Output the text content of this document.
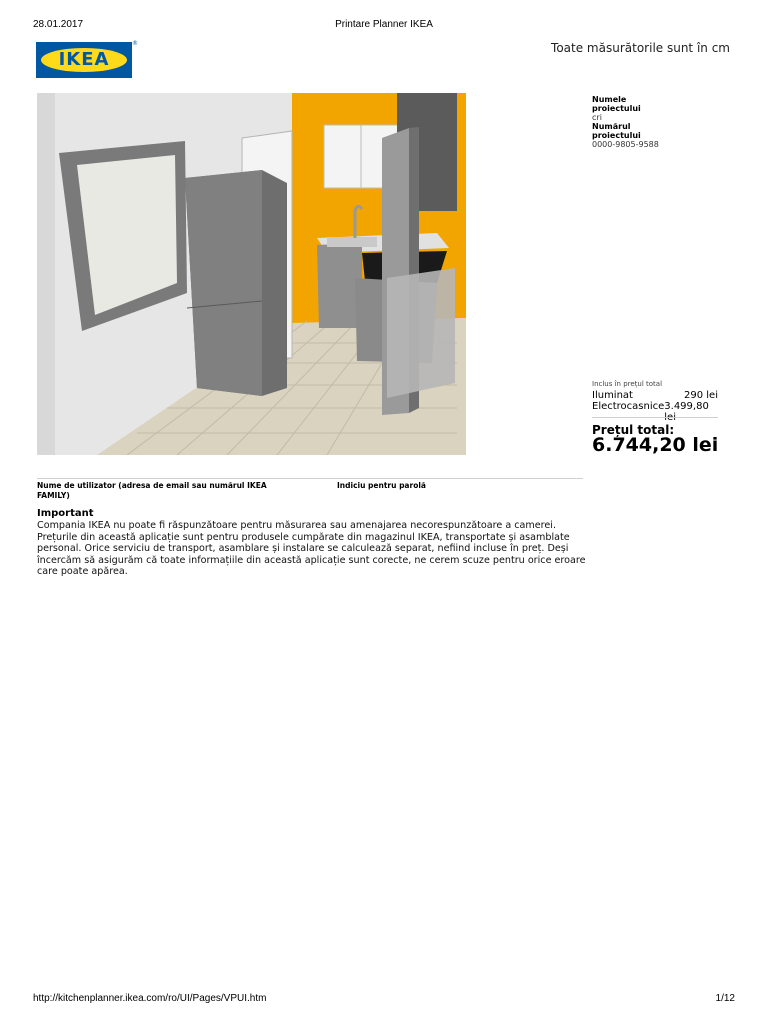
28.01.2017	Printare Planner IKEA
IKEA
®	Toate măsurătorile sunt în cm
Numele proiectului
cri
Numărul proiectului
0000-9805-9588
Inclus în prețul total
Iluminat	290 lei
Electrocasnice 3.499,80 lei
Prețul total:
6.744,20 lei
Nume de utilizator (adresa de email sau numărul IKEA FAMILY)
Indiciu pentru parolă
Important
Compania IKEA nu poate fi răspunzătoare pentru măsurarea sau amenajarea necorespunzătoare a camerei. Prețurile din această aplicație sunt pentru produsele cumpărate din magazinul IKEA, transportate și asamblate personal. Orice serviciu de transport, asamblare și instalare se calculează separat, nefiind incluse în preț. Deși încercăm să asigurăm că toate informațiile din această aplicație sunt corecte, ne cerem scuze pentru orice eroare care poate apărea.
http://kitchenplanner.ikea.com/ro/UI/Pages/VPUI.htm	1/12
